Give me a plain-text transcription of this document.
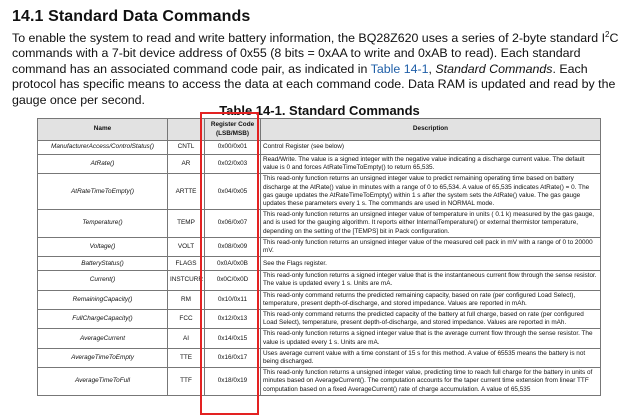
14.1 Standard Data Commands

To enable the system to read and write battery information, the BQ28Z620 uses a series of 2-byte standard $I^2C$ commands with a 7-bit device address of 0x55 (8 bits = 0xAA to write and 0xAB to read). Each standard command has an associated command code pair, as indicated in Table 14-1, Standard Commands. Each protocol has specific means to access the data at each command code. Data RAM is updated and read by the gauge once per second.

Table 14-1. Standard Commands
Name		Register Code (LSB/MSB)	Description
ManufacturerAccess/ControlStatus()	CNTL	0x00/0x01	Control Register (see below)
AtRate()	AR	0x02/0x03	Read/Write. The value is a signed integer with the negative value indicating a discharge current value. The default value is 0 and forces AtRateTimeToEmpty() to return 65,535.
AtRateTimeToEmpty()	ARTTE	0x04/0x05	This read-only function returns an unsigned integer value to predict remaining operating time based on battery discharge at the AtRate() value in minutes with a range of 0 to 65,534. A value of 65,535 indicates AtRate() = 0. The gas gauge updates the AtRateTimeToEmpty() within 1 s after the system sets the AtRate() value. The gas gauge updates these parameters every 1 s. The commands are used in NORMAL mode.
Temperature()	TEMP	0x06/0x07	This read-only function returns an unsigned integer value of temperature in units ( 0.1 k) measured by the gas gauge, and is used for the gauging algorithm. It reports either InternalTemperature() or external thermistor temperature, depending on the setting of the [TEMPS] bit in Pack configuration.
Voltage()	VOLT	0x08/0x09	This read-only function returns an unsigned integer value of the measured cell pack in mV with a range of 0 to 20000 mV.
BatteryStatus()	FLAGS	0x0A/0x0B	See the Flags register.
Current()	INSTCURR	0x0C/0x0D	This read-only function returns a signed integer value that is the instantaneous current flow through the sense resistor. The value is updated every 1 s. Units are mA.
RemainingCapacity()	RM	0x10/0x11	This read-only command returns the predicted remaining capacity, based on rate (per configured Load Select), temperature, present depth-of-discharge, and stored impedance. Values are reported in mAh.
FullChargeCapacity()	FCC	0x12/0x13	This read-only command returns the predicted capacity of the battery at full charge, based on rate (per configured Load Select), temperature, present depth-of-discharge, and stored impedance. Values are reported in mAh.
AverageCurrent	AI	0x14/0x15	This read-only function returns a signed integer value that is the average current flow through the sense resistor. The value is updated every 1 s. Units are mA.
AverageTimeToEmpty	TTE	0x16/0x17	Uses average current value with a time constant of 15 s for this method. A value of 65535 means the battery is not being discharged.
AverageTimeToFull	TTF	0x18/0x19	This read-only function returns a unsigned integer value, predicting time to reach full charge for the battery in units of minutes based on AverageCurrent(). The computation accounts for the taper current time extension from linear TTF computation based on a fixed AverageCurrent() rate of charge accumulation. A value of 65,535
